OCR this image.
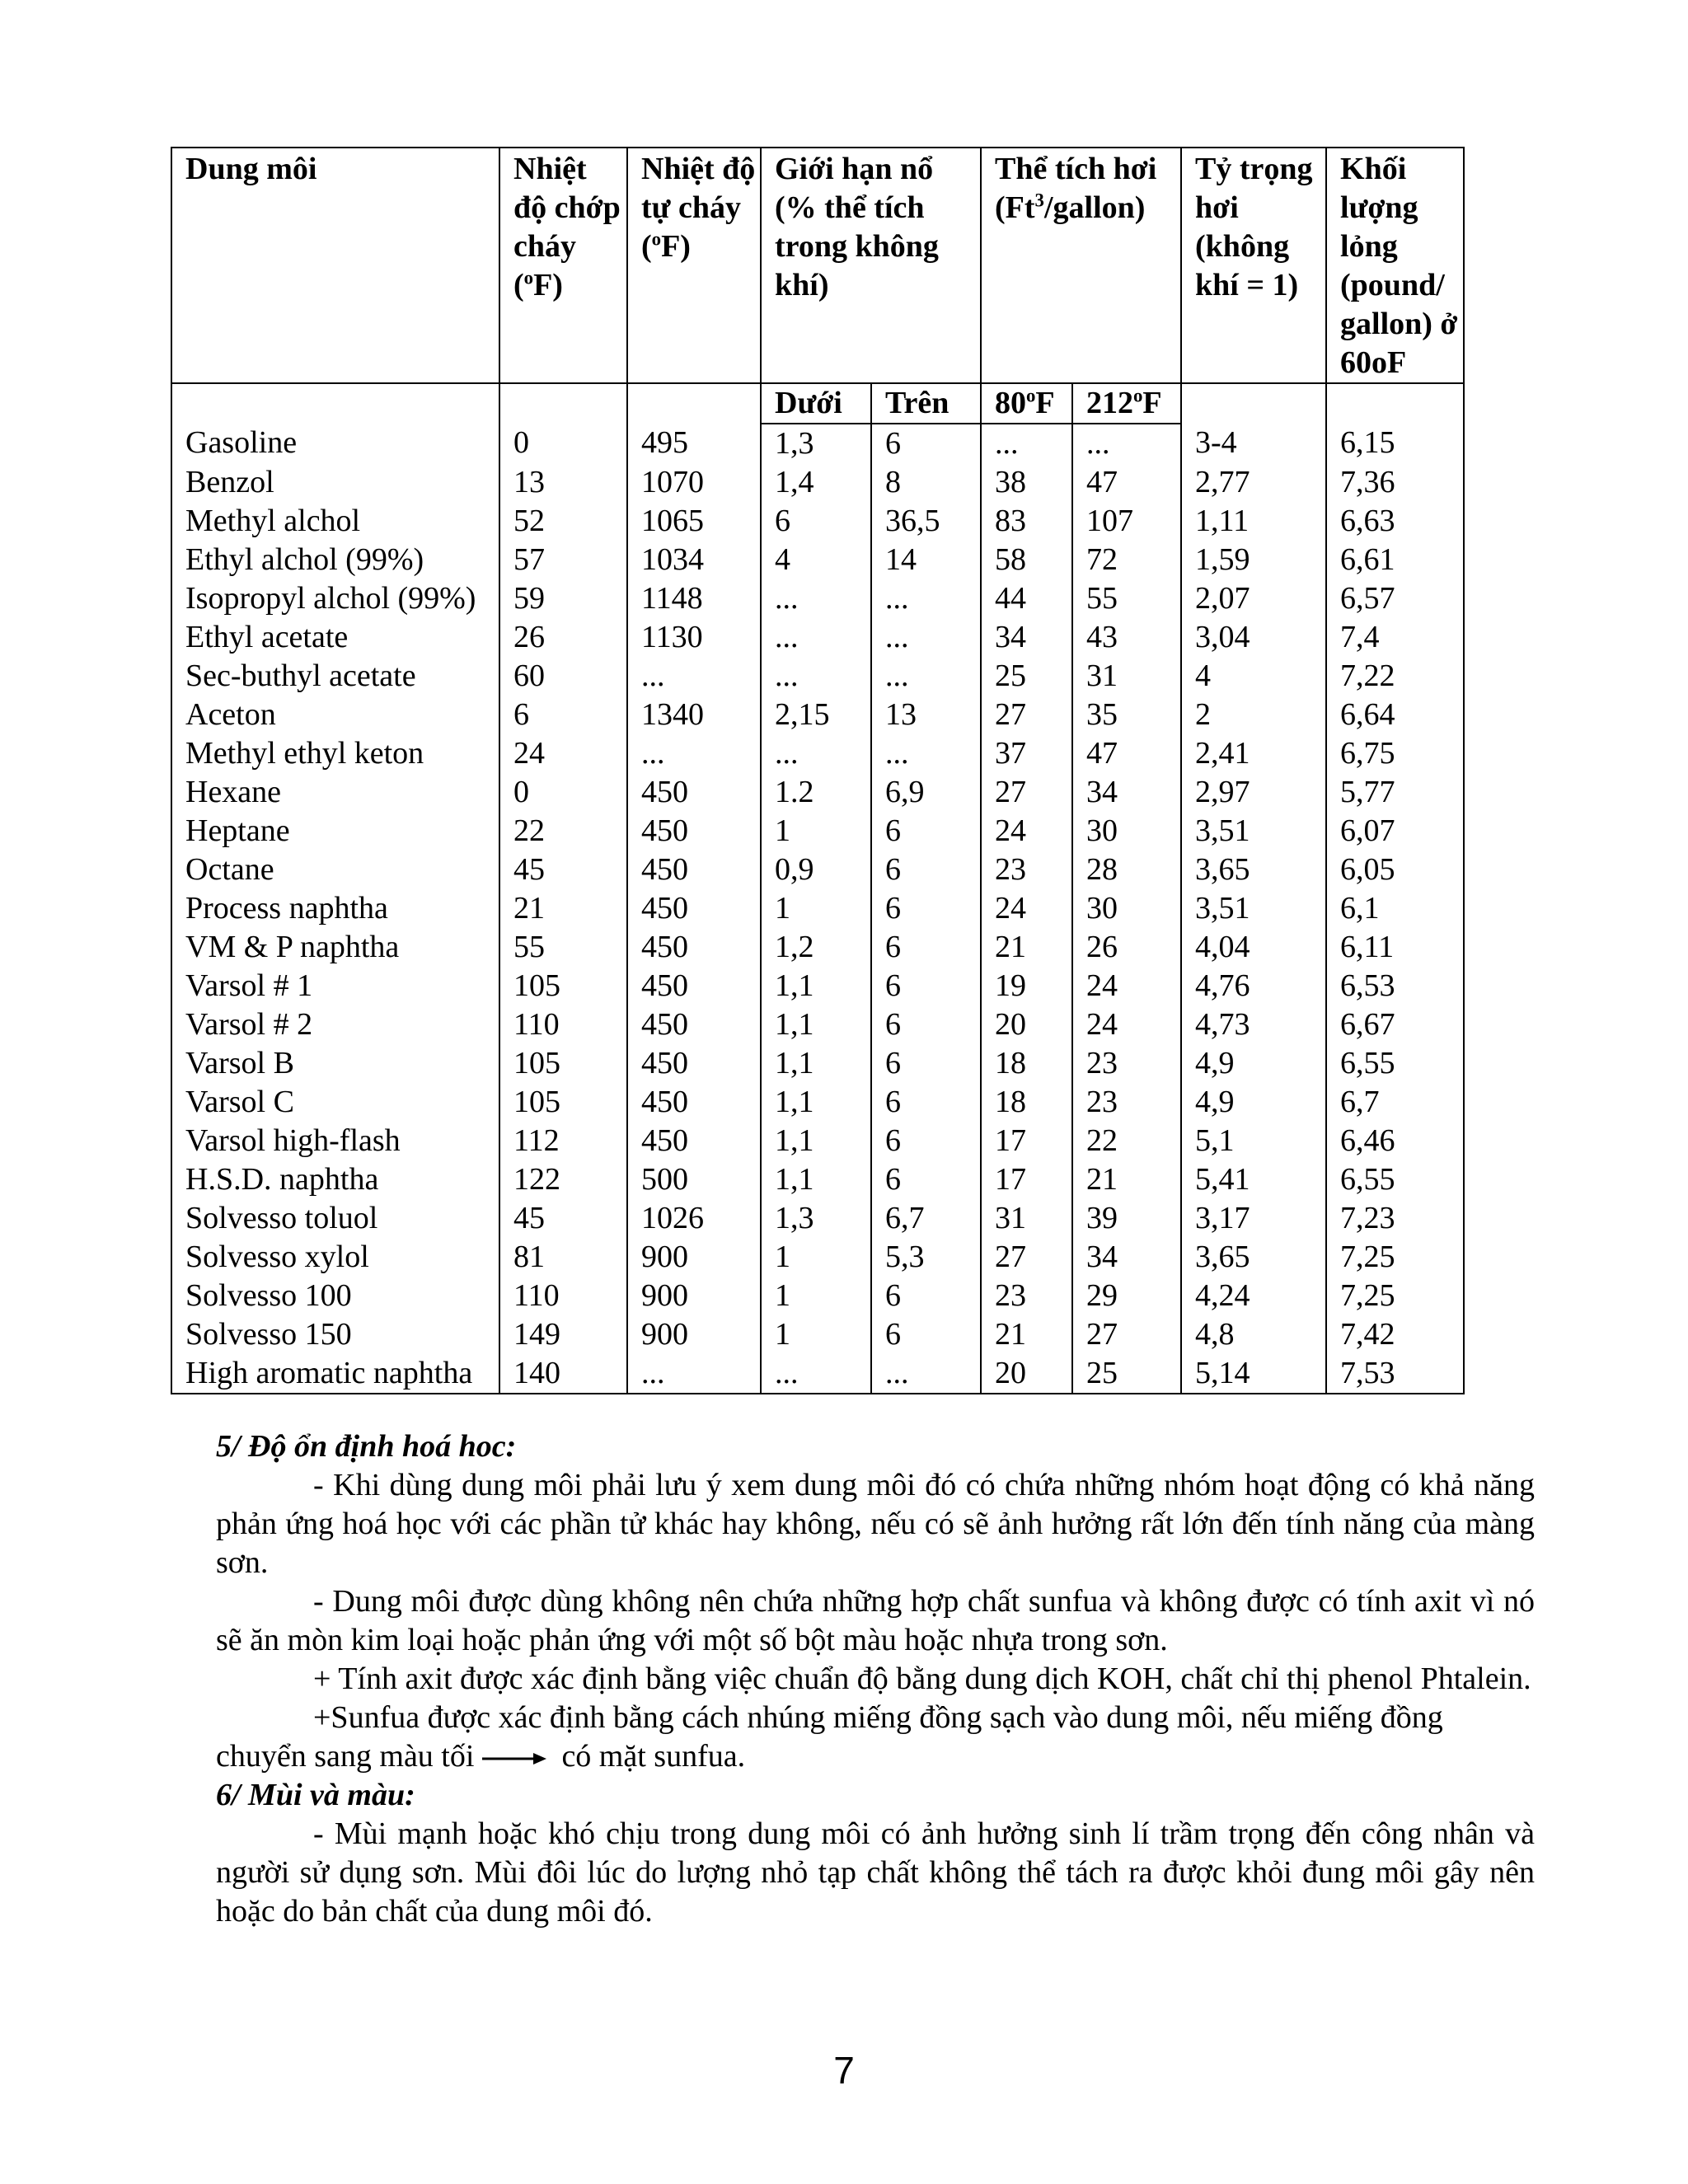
Dung môi	Nhiệt độ chớp cháy ($^o$F)	Nhiệt độ tự cháy ($^o$F)	Giới hạn nổ (% thể tích trong không khí)		Thể tích hơi (Ft$^3$/gallon)		Tỷ trọng hơi (không khí = 1)	Khối lượng lỏng (pound/ gallon) ở 60oF
			Dưới	Trên	80$^o$F	212$^o$F		
Gasoline	0	495	1,3	6	...	...	3-4	6,15
Benzol	13	1070	1,4	8	38	47	2,77	7,36
Methyl alchol	52	1065	6	36,5	83	107	1,11	6,63
Ethyl alchol (99%)	57	1034	4	14	58	72	1,59	6,61
Isopropyl alchol (99%)	59	1148	...	...	44	55	2,07	6,57
Ethyl acetate	26	1130	...	...	34	43	3,04	7,4
Sec-buthyl acetate	60	...	...	...	25	31	4	7,22
Aceton	6	1340	2,15	13	27	35	2	6,64
Methyl ethyl keton	24	...	...	...	37	47	2,41	6,75
Hexane	0	450	1.2	6,9	27	34	2,97	5,77
Heptane	22	450	1	6	24	30	3,51	6,07
Octane	45	450	0,9	6	23	28	3,65	6,05
Process naphtha	21	450	1	6	24	30	3,51	6,1
VM & P naphtha	55	450	1,2	6	21	26	4,04	6,11
Varsol # 1	105	450	1,1	6	19	24	4,76	6,53
Varsol # 2	110	450	1,1	6	20	24	4,73	6,67
Varsol B	105	450	1,1	6	18	23	4,9	6,55
Varsol C	105	450	1,1	6	18	23	4,9	6,7
Varsol high-flash	112	450	1,1	6	17	22	5,1	6,46
H.S.D. naphtha	122	500	1,1	6	17	21	5,41	6,55
Solvesso toluol	45	1026	1,3	6,7	31	39	3,17	7,23
Solvesso xylol	81	900	1	5,3	27	34	3,65	7,25
Solvesso 100	110	900	1	6	23	29	4,24	7,25
Solvesso 150	149	900	1	6	21	27	4,8	7,42
High aromatic naphtha	140	...	...	...	20	25	5,14	7,53
5/ Độ ổn định hoá hoc:
- Khi dùng dung môi phải lưu ý xem dung môi đó có chứa những nhóm hoạt động có khả năng phản ứng hoá học với các phần tử khác hay không, nếu có sẽ ảnh hưởng rất lớn đến tính năng của màng sơn.
- Dung môi được dùng không nên chứa những hợp chất sunfua và không được có tính axit vì nó sẽ ăn mòn kim loại hoặc phản ứng với một số bột màu hoặc nhựa trong sơn.
+ Tính axit được xác định bằng việc chuẩn độ bằng dung dịch KOH, chất chỉ thị phenol Phtalein.
+Sunfua được xác định bằng cách nhúng miếng đồng sạch vào dung môi, nếu miếng đồng chuyển sang màu tối	có mặt sunfua.
6/ Mùi và màu:
- Mùi mạnh hoặc khó chịu trong dung môi có ảnh hưởng sinh lí trầm trọng đến công nhân và người sử dụng sơn. Mùi đôi lúc do lượng nhỏ tạp chất không thể tách ra được khỏi đung môi gây nên hoặc do bản chất của dung môi đó.
7
